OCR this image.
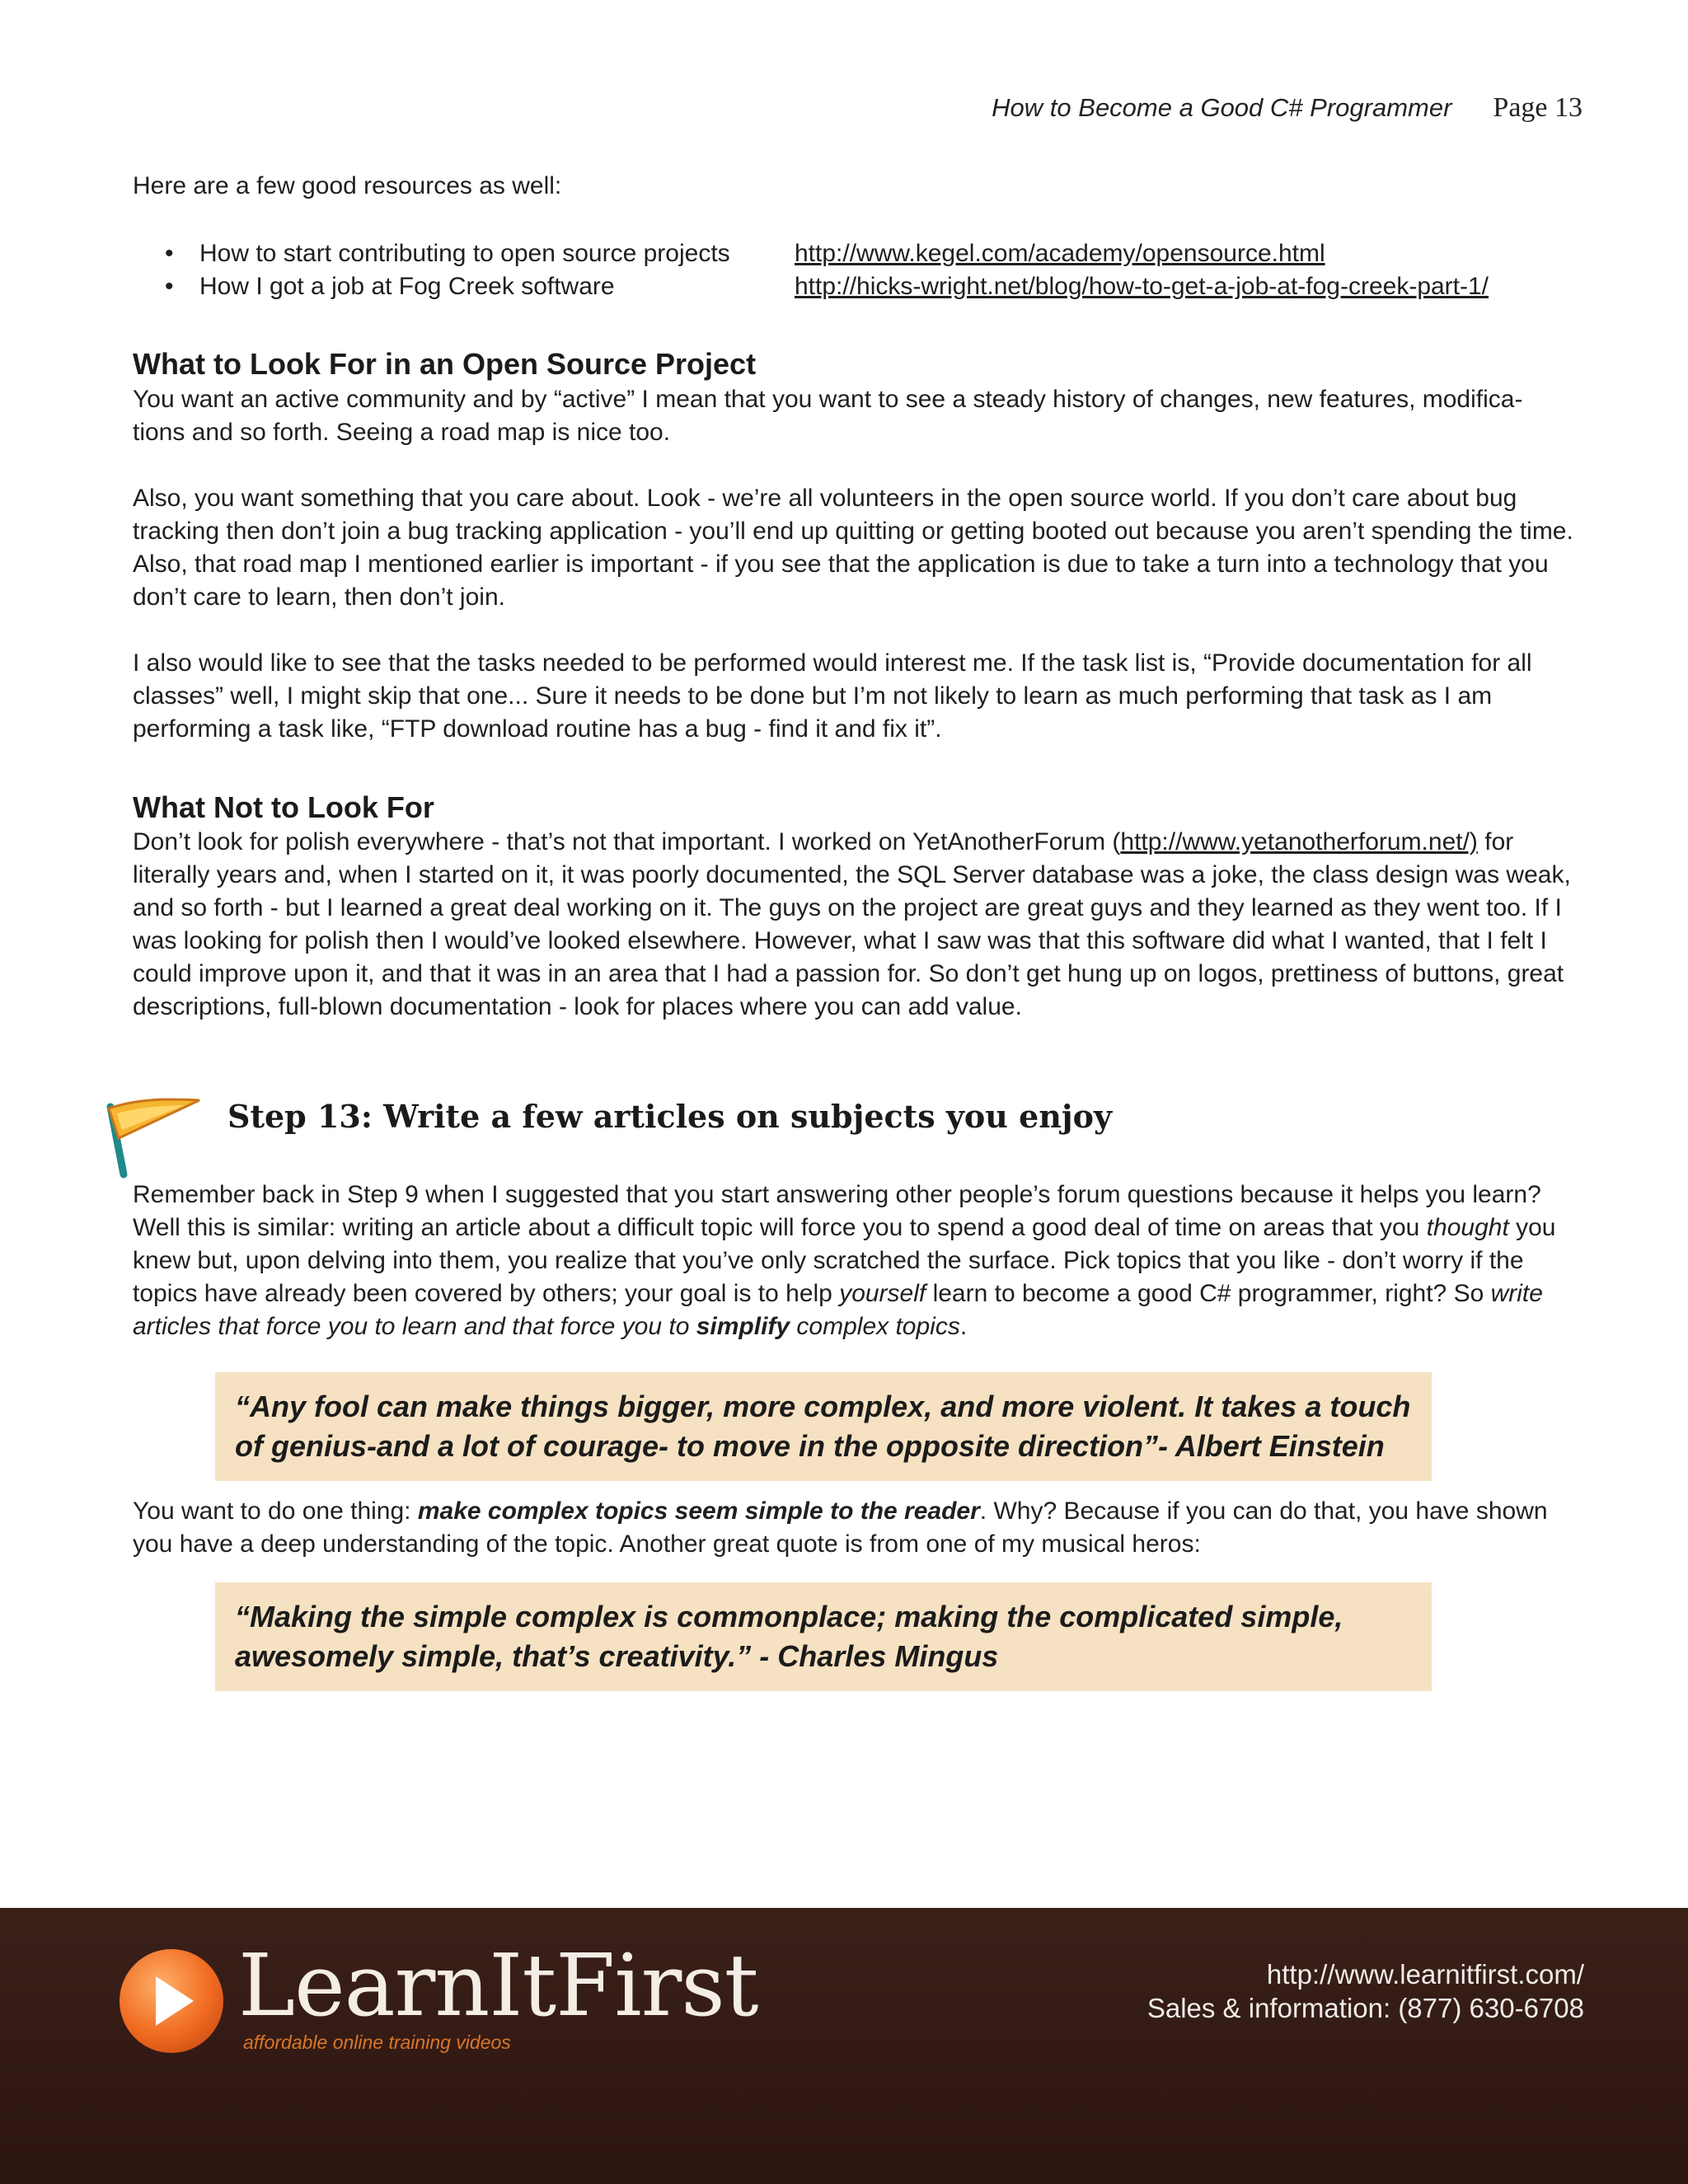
How to Become a Good C# Programmer Page 13
Here are a few good resources as well:
•	How to start contributing to open source projects	http://www.kegel.com/academy/opensource.html
•	How I got a job at Fog Creek software	http://hicks-wright.net/blog/how-to-get-a-job-at-fog-creek-part-1/
What to Look For in an Open Source Project

You want an active community and by “active” I mean that you want to see a steady history of changes, new features, modifica-

tions and so forth. Seeing a road map is nice too.

Also, you want something that you care about. Look - we’re all volunteers in the open source world. If you don’t care about bug tracking then don’t join a bug tracking application - you’ll end up quitting or getting booted out because you aren’t spending the time. Also, that road map I mentioned earlier is important - if you see that the application is due to take a turn into a technology that you don’t care to learn, then don’t join.

I also would like to see that the tasks needed to be performed would interest me. If the task list is, “Provide documentation for all classes” well, I might skip that one... Sure it needs to be done but I’m not likely to learn as much performing that task as I am performing a task like, “FTP download routine has a bug - find it and fix it”.

What Not to Look For

Don’t look for polish everywhere - that’s not that important. I worked on YetAnotherForum (http://www.yetanotherforum.net/) for literally years and, when I started on it, it was poorly documented, the SQL Server database was a joke, the class design was weak, and so forth - but I learned a great deal working on it. The guys on the project are great guys and they learned as they went too. If I was looking for polish then I would’ve looked elsewhere. However, what I saw was that this software did what I wanted, that I felt I could improve upon it, and that it was in an area that I had a passion for. So don’t get hung up on logos, prettiness of buttons, great descriptions, full-blown documentation - look for places where you can add value.

Step 13: Write a few articles on subjects you enjoy

Remember back in Step 9 when I suggested that you start answering other people’s forum questions because it helps you learn? Well this is similar: writing an article about a difficult topic will force you to spend a good deal of time on areas that you thought you knew but, upon delving into them, you realize that you’ve only scratched the surface. Pick topics that you like - don’t worry if the topics have already been covered by others; your goal is to help yourself learn to become a good C# programmer, right? So write articles that force you to learn and that force you to simplify complex topics.

“Any fool can make things bigger, more complex, and more violent. It takes a touch of genius-and a lot of courage- to move in the opposite direction”- Albert Einstein

You want to do one thing: make complex topics seem simple to the reader. Why? Because if you can do that, you have shown you have a deep understanding of the topic. Another great quote is from one of my musical heros:

“Making the simple complex is commonplace; making the complicated simple, awesomely simple, that’s creativity.” - Charles Mingus
LearnItFirst
affordable online training videos
http://www.learnitfirst.com/
Sales & information: (877) 630-6708
